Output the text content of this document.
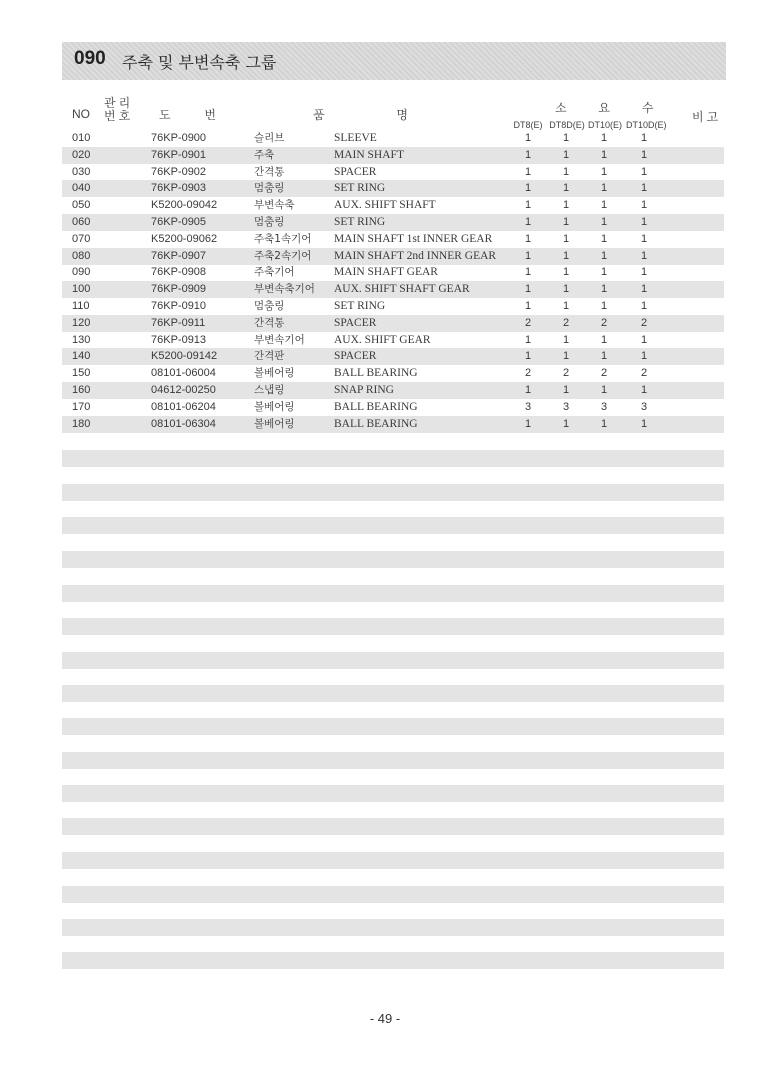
090 주축 및 부변속축 그룹
NO
관리번호 도 번	품 명	소 요 수
비고
DT8(E) DT8D(E) DT10(E) DT10D(E)
010	76KP-0900	슬리브	SLEEVE	1	1	1	1
020	76KP-0901	주축	MAIN SHAFT	1	1	1	1
030	76KP-0902	간격통	SPACER	1	1	1	1
040	76KP-0903	멈춤링	SET RING	1	1	1	1
050	K5200-09042	부변속축	AUX. SHIFT SHAFT	1	1	1	1
060	76KP-0905	멈춤링	SET RING	1	1	1	1
070	K5200-09062	주축1속기어 MAIN SHAFT 1st INNER GEAR	1	1	1	1
080	76KP-0907	주축2속기어 MAIN SHAFT 2nd INNER GEAR	1	1	1	1
090	76KP-0908	주축기어	MAIN SHAFT GEAR	1	1	1	1
100	76KP-0909	부변속축기어 AUX. SHIFT SHAFT GEAR	1	1	1	1
110	76KP-0910	멈춤링	SET RING	1	1	1	1
120	76KP-0911	간격통	SPACER	2	2	2	2
130	76KP-0913	부변속기어	AUX. SHIFT GEAR	1	1	1	1
140	K5200-09142	간격판	SPACER	1	1	1	1
150	08101-06004	볼베어링	BALL BEARING	2	2	2	2
160	04612-00250	스냅링	SNAP RING	1	1	1	1
170	08101-06204	볼베어링	BALL BEARING	3	3	3	3
180	08101-06304	볼베어링	BALL BEARING	1	1	1	1
- 49 -
